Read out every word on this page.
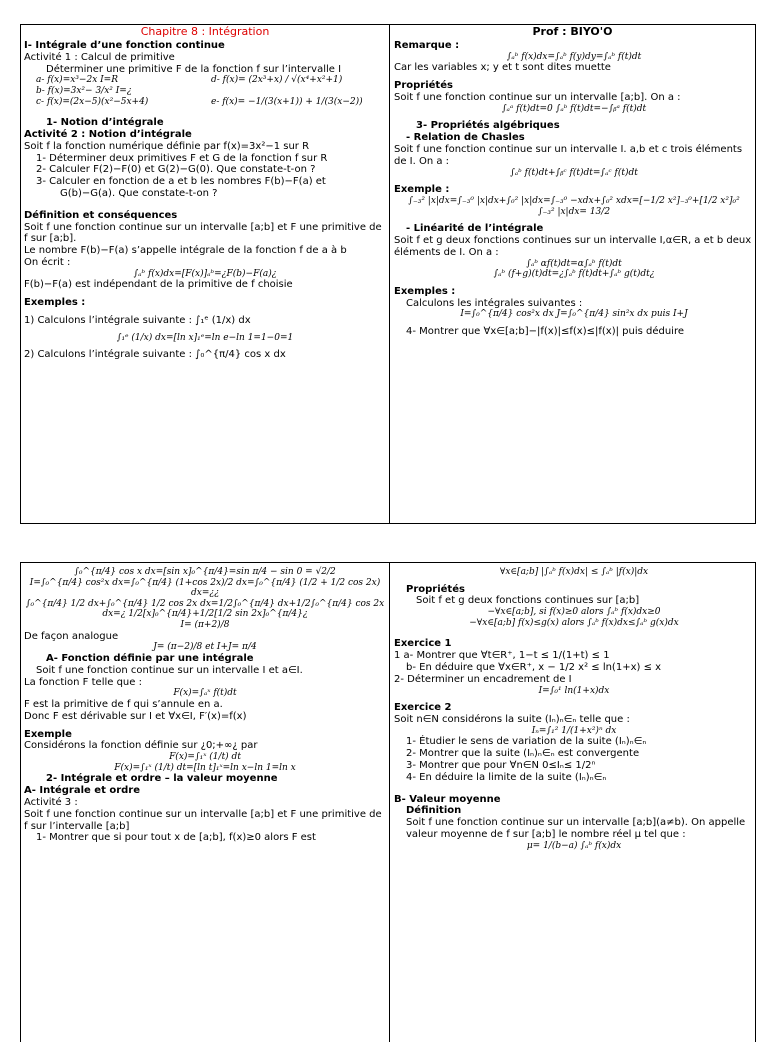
Chapitre 8 : Intégration	Prof : BIYO'O

I- Intégrale d’une fonction continue

Activité 1 : Calcul de primitive

Déterminer une primitive F de la fonction f sur l’intervalle I

a- f(x)=x³−2x I=R	d- f(x)= (2x³+x) / √(x⁴+x²+1)
b- f(x)=3x²− 3/x² I=¿
c- f(x)=(2x−5)(x²−5x+4)	e- f(x)= −1/(3(x+1)) + 1/(3(x−2))

1- Notion d’intégrale

Activité 2 : Notion d’intégrale

Soit f la fonction numérique définie par f(x)=3x²−1 sur R

1- Déterminer deux primitives F et G de la fonction f sur R

2- Calculer F(2)−F(0) et G(2)−G(0). Que constate-t-on ?

3- Calculer en fonction de a et b les nombres F(b)−F(a) et

G(b)−G(a). Que constate-t-on ?

Définition et conséquences

Soit f une fonction continue sur un intervalle [a;b] et F une primitive de f sur [a;b].

Le nombre F(b)−F(a) s’appelle intégrale de la fonction f de a à b

On écrit :

∫ₐᵇ f(x)dx=[F(x)]ₐᵇ=¿F(b)−F(a)¿

F(b)−F(a) est indépendant de la primitive de f choisie

Exemples :

1) Calculons l’intégrale suivante : ∫₁ᵉ (1/x) dx

∫₁ᵉ (1/x) dx=[ln x]₁ᵉ=ln e−ln 1=1−0=1

2) Calculons l’intégrale suivante : ∫₀^{π/4} cos x dx

Remarque :

∫ₐᵇ f(x)dx=∫ₐᵇ f(y)dy=∫ₐᵇ f(t)dt

Car les variables x; y et t sont dites muette

Propriétés

Soit f une fonction continue sur un intervalle [a;b]. On a :

∫ₐᵃ f(t)dt=0 ∫ₐᵇ f(t)dt=−∫ᵦᵃ f(t)dt

3- Propriétés algébriques

- Relation de Chasles

Soit f une fonction continue sur un intervalle I. a,b et c trois éléments de I. On a :

∫ₐᵇ f(t)dt+∫ᵦᶜ f(t)dt=∫ₐᶜ f(t)dt

Exemple :

∫₋₃² |x|dx=∫₋₃⁰ |x|dx+∫₀² |x|dx=∫₋₃⁰ −xdx+∫₀² xdx=[−1/2 x²]₋₃⁰+[1/2 x²]₀²

∫₋₃² |x|dx= 13/2

- Linéarité de l’intégrale

Soit f et g deux fonctions continues sur un intervalle I,α∈R, a et b deux éléments de I. On a :

∫ₐᵇ αf(t)dt=α∫ₐᵇ f(t)dt

∫ₐᵇ (f+g)(t)dt=¿∫ₐᵇ f(t)dt+∫ₐᵇ g(t)dt¿

Exemples :

Calculons les intégrales suivantes :

I=∫₀^{π/4} cos²x dx J=∫₀^{π/4} sin²x dx puis I+J

4- Montrer que ∀x∈[a;b]−|f(x)|≤f(x)≤|f(x)| puis déduire

∫₀^{π/4} cos x dx=[sin x]₀^{π/4}=sin π/4 − sin 0 = √2/2

I=∫₀^{π/4} cos²x dx=∫₀^{π/4} (1+cos 2x)/2 dx=∫₀^{π/4} (1/2 + 1/2 cos 2x) dx=¿¿

∫₀^{π/4} 1/2 dx+∫₀^{π/4} 1/2 cos 2x dx=1/2∫₀^{π/4} dx+1/2∫₀^{π/4} cos 2x dx=¿ 1/2[x]₀^{π/4}+1/2[1/2 sin 2x]₀^{π/4}¿

I= (π+2)/8

De façon analogue

J= (π−2)/8 et I+J= π/4

A- Fonction définie par une intégrale

Soit f une fonction continue sur un intervalle I et a∈I.

La fonction F telle que :

F(x)=∫ₐˣ f(t)dt

F est la primitive de f qui s’annule en a.

Donc F est dérivable sur I et ∀x∈I, F′(x)=f(x)

Exemple

Considérons la fonction définie sur ¿0;+∞¿ par

F(x)=∫₁ˣ (1/t) dt

F(x)=∫₁ˣ (1/t) dt=[ln t]₁ˣ=ln x−ln 1=ln x

2- Intégrale et ordre – la valeur moyenne

A- Intégrale et ordre

Activité 3 :

Soit f une fonction continue sur un intervalle [a;b] et F une primitive de f sur l’intervalle [a;b]

1- Montrer que si pour tout x de [a;b], f(x)≥0 alors F est

∀x∈[a;b] |∫ₐᵇ f(x)dx| ≤ ∫ₐᵇ |f(x)|dx

Propriétés

Soit f et g deux fonctions continues sur [a;b]

−∀x∈[a;b], si f(x)≥0 alors ∫ₐᵇ f(x)dx≥0

−∀x∈[a;b] f(x)≤g(x) alors ∫ₐᵇ f(x)dx≤∫ₐᵇ g(x)dx

Exercice 1

1 a- Montrer que ∀t∈R⁺, 1−t ≤ 1/(1+t) ≤ 1

b- En déduire que ∀x∈R⁺, x − 1/2 x² ≤ ln(1+x) ≤ x

2- Déterminer un encadrement de I

I=∫₀¹ ln(1+x)dx

Exercice 2

Soit n∈N considérons la suite (Iₙ)ₙ∈ₙ telle que :

Iₙ=∫₁² 1/(1+x²)ⁿ dx

1- Étudier le sens de variation de la suite (Iₙ)ₙ∈ₙ

2- Montrer que la suite (Iₙ)ₙ∈ₙ est convergente

3- Montrer que pour ∀n∈N 0≤Iₙ≤ 1/2ⁿ

4- En déduire la limite de la suite (Iₙ)ₙ∈ₙ

B- Valeur moyenne

Définition

Soit f une fonction continue sur un intervalle [a;b](a≠b). On appelle valeur moyenne de f sur [a;b] le nombre réel μ tel que :

μ= 1/(b−a) ∫ₐᵇ f(x)dx
